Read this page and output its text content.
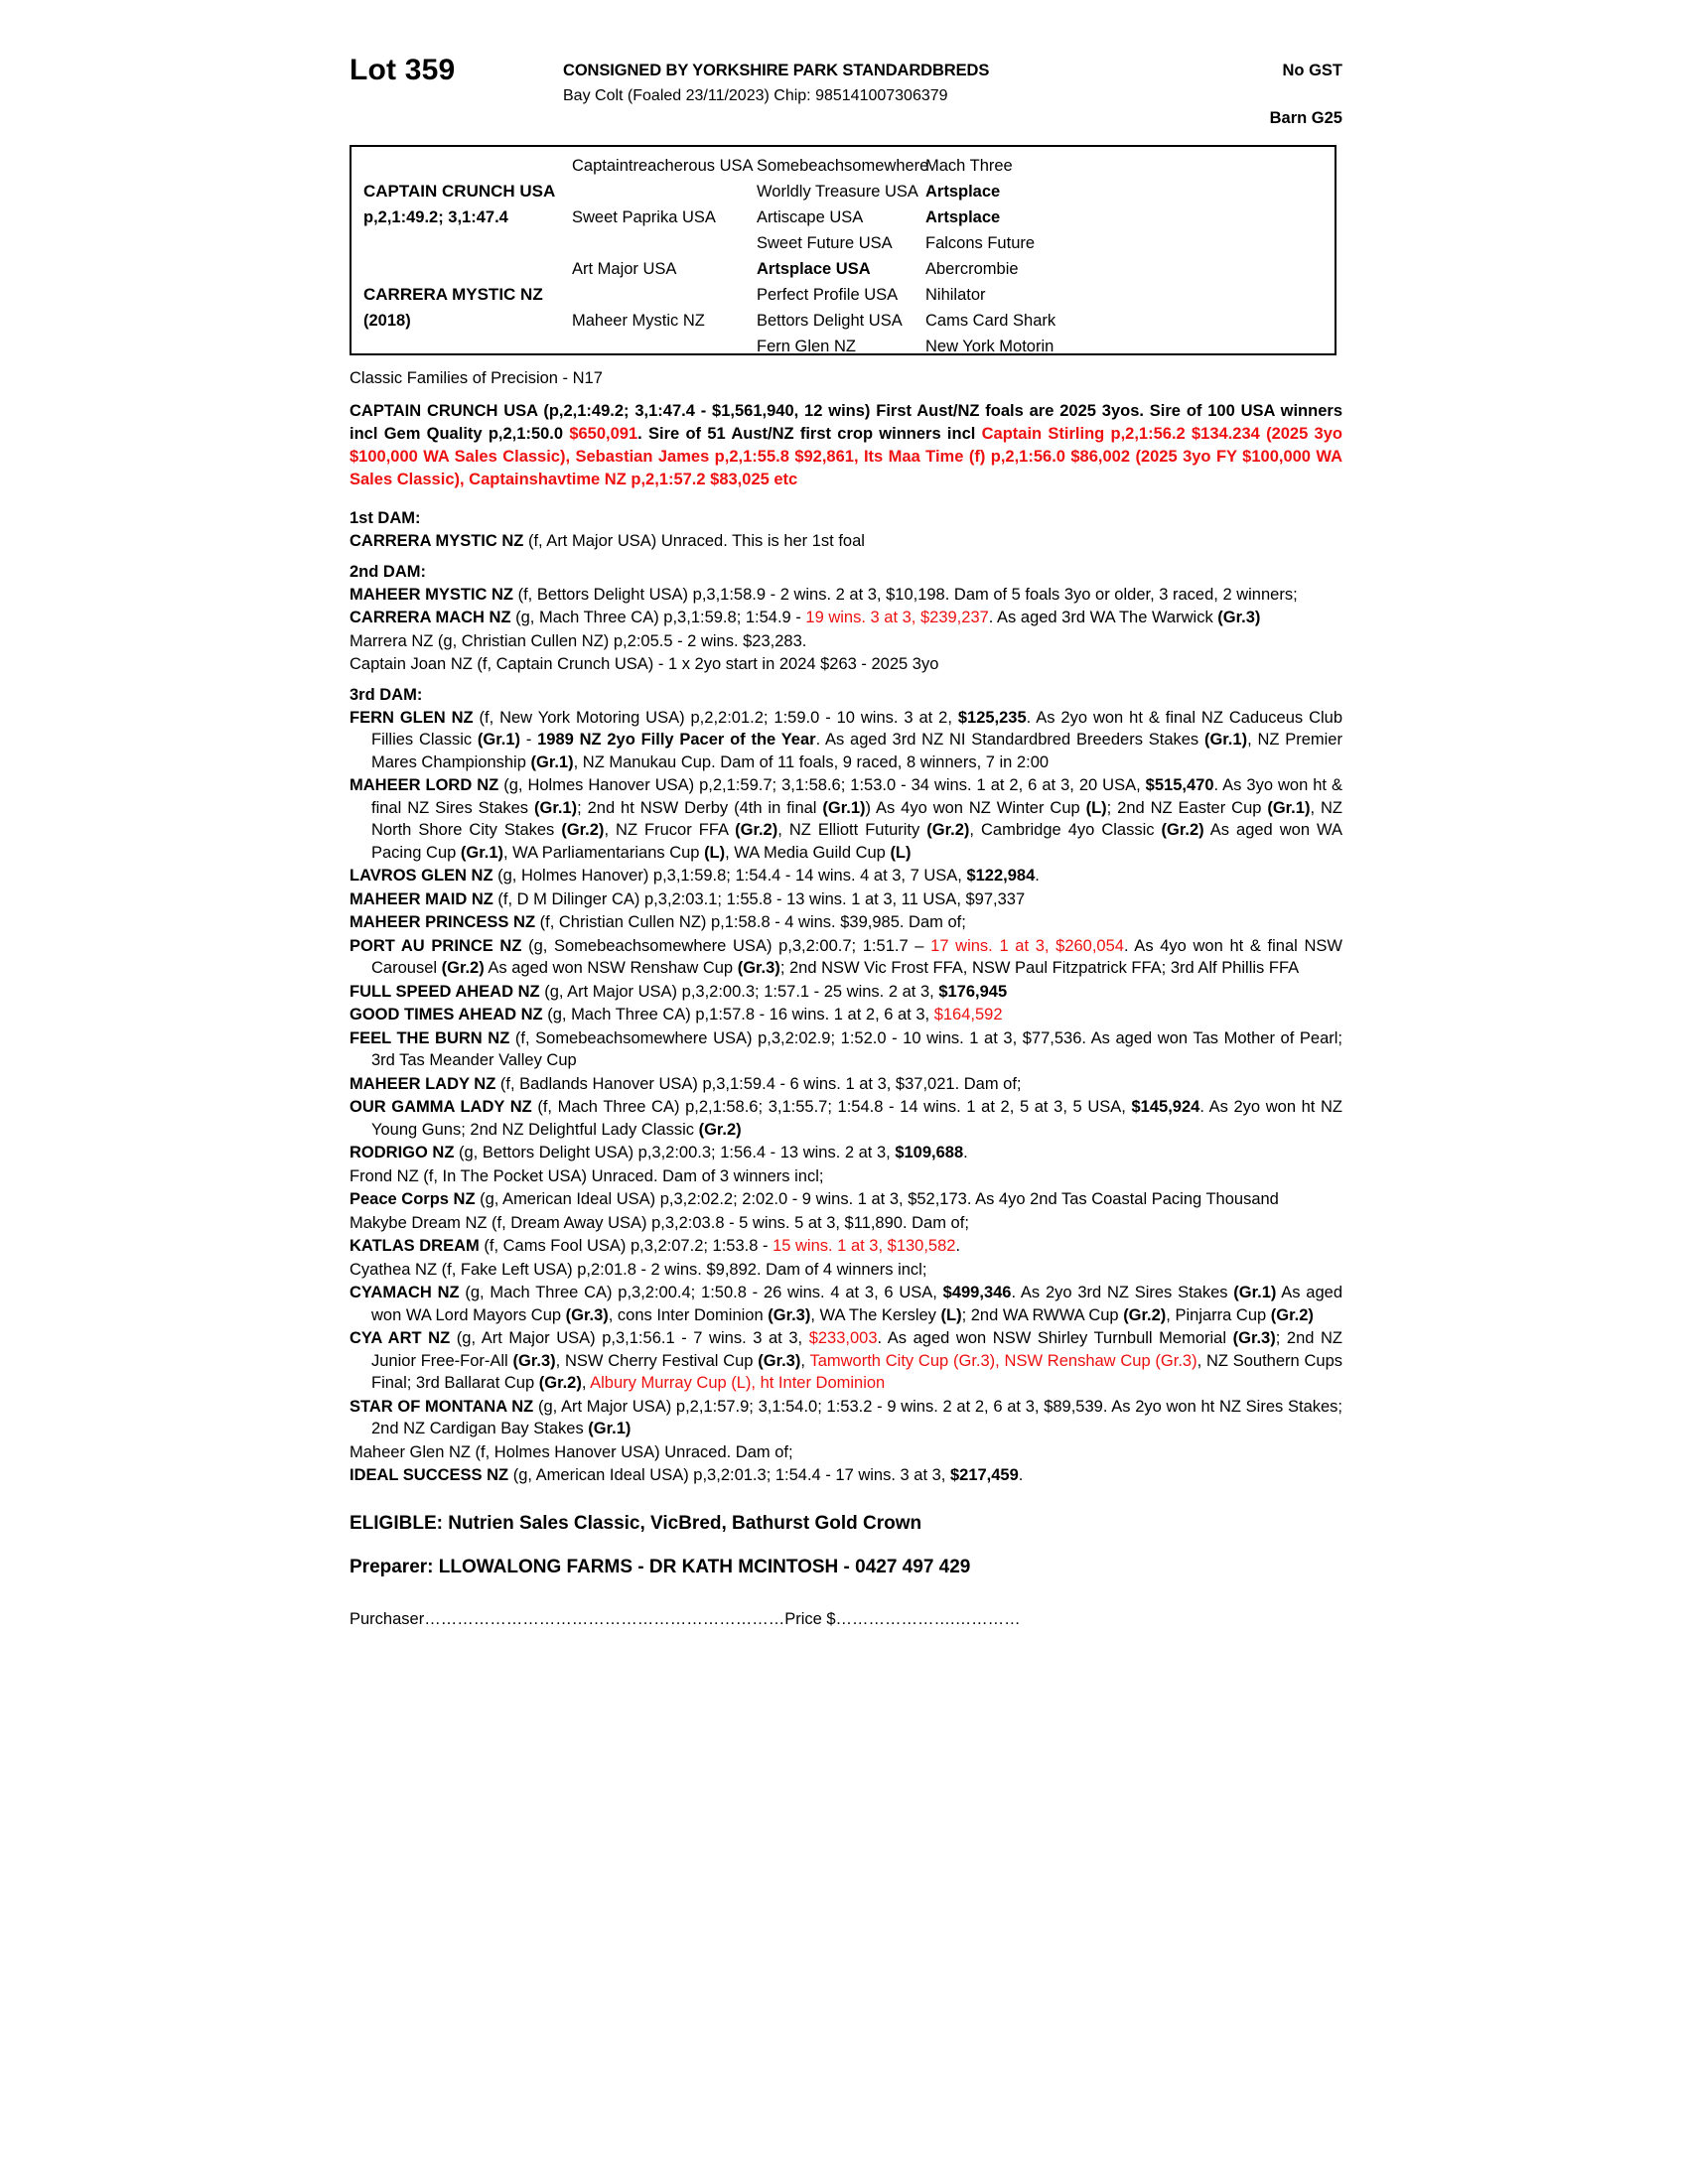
Lot 359	CONSIGNED BY YORKSHIRE PARK STANDARDBREDS	No GST
Bay Colt (Foaled 23/11/2023) Chip: 985141007306379
Barn G25
CAPTAIN CRUNCH USA
p,2,1:49.2; 3,1:47.4
CARRERA MYSTIC NZ
(2018)
Captaintreacherous USA
Sweet Paprika USA
Art Major USA
Maheer Mystic NZ
Somebeachsomewhere
Worldly Treasure USA
Artiscape USA
Sweet Future USA
Artsplace USA
Perfect Profile USA
Bettors Delight USA
Fern Glen NZ
Mach Three
Artsplace
Artsplace
Falcons Future
Abercrombie
Nihilator
Cams Card Shark
New York Motorin
Classic Families of Precision - N17
CAPTAIN CRUNCH USA (p,2,1:49.2; 3,1:47.4 - $1,561,940, 12 wins) First Aust/NZ foals are 2025 3yos. Sire of 100 USA winners incl Gem Quality p,2,1:50.0 $650,091. Sire of 51 Aust/NZ first crop winners incl Captain Stirling p,2,1:56.2 $134.234 (2025 3yo $100,000 WA Sales Classic), Sebastian James p,2,1:55.8 $92,861, Its Maa Time (f) p,2,1:56.0 $86,002 (2025 3yo FY $100,000 WA Sales Classic), Captainshavtime NZ p,2,1:57.2 $83,025 etc
1st DAM:

CARRERA MYSTIC NZ (f, Art Major USA) Unraced. This is her 1st foal

2nd DAM:

MAHEER MYSTIC NZ (f, Bettors Delight USA) p,3,1:58.9 - 2 wins. 2 at 3, $10,198. Dam of 5 foals 3yo or older, 3 raced, 2 winners;

CARRERA MACH NZ (g, Mach Three CA) p,3,1:59.8; 1:54.9 - 19 wins. 3 at 3, $239,237. As aged 3rd WA The Warwick (Gr.3)

Marrera NZ (g, Christian Cullen NZ) p,2:05.5 - 2 wins. $23,283.

Captain Joan NZ (f, Captain Crunch USA) - 1 x 2yo start in 2024 $263 - 2025 3yo

3rd DAM:

FERN GLEN NZ (f, New York Motoring USA) p,2,2:01.2; 1:59.0 - 10 wins. 3 at 2, $125,235. As 2yo won ht & final NZ Caduceus Club Fillies Classic (Gr.1) - 1989 NZ 2yo Filly Pacer of the Year. As aged 3rd NZ NI Standardbred Breeders Stakes (Gr.1), NZ Premier Mares Championship (Gr.1), NZ Manukau Cup. Dam of 11 foals, 9 raced, 8 winners, 7 in 2:00

MAHEER LORD NZ (g, Holmes Hanover USA) p,2,1:59.7; 3,1:58.6; 1:53.0 - 34 wins. 1 at 2, 6 at 3, 20 USA, $515,470. As 3yo won ht & final NZ Sires Stakes (Gr.1); 2nd ht NSW Derby (4th in final (Gr.1)) As 4yo won NZ Winter Cup (L); 2nd NZ Easter Cup (Gr.1), NZ North Shore City Stakes (Gr.2), NZ Frucor FFA (Gr.2), NZ Elliott Futurity (Gr.2), Cambridge 4yo Classic (Gr.2) As aged won WA Pacing Cup (Gr.1), WA Parliamentarians Cup (L), WA Media Guild Cup (L)

LAVROS GLEN NZ (g, Holmes Hanover) p,3,1:59.8; 1:54.4 - 14 wins. 4 at 3, 7 USA, $122,984.

MAHEER MAID NZ (f, D M Dilinger CA) p,3,2:03.1; 1:55.8 - 13 wins. 1 at 3, 11 USA, $97,337

MAHEER PRINCESS NZ (f, Christian Cullen NZ) p,1:58.8 - 4 wins. $39,985. Dam of;

PORT AU PRINCE NZ (g, Somebeachsomewhere USA) p,3,2:00.7; 1:51.7 – 17 wins. 1 at 3, $260,054. As 4yo won ht & final NSW Carousel (Gr.2) As aged won NSW Renshaw Cup (Gr.3); 2nd NSW Vic Frost FFA, NSW Paul Fitzpatrick FFA; 3rd Alf Phillis FFA

FULL SPEED AHEAD NZ (g, Art Major USA) p,3,2:00.3; 1:57.1 - 25 wins. 2 at 3, $176,945

GOOD TIMES AHEAD NZ (g, Mach Three CA) p,1:57.8 - 16 wins. 1 at 2, 6 at 3, $164,592

FEEL THE BURN NZ (f, Somebeachsomewhere USA) p,3,2:02.9; 1:52.0 - 10 wins. 1 at 3, $77,536. As aged won Tas Mother of Pearl; 3rd Tas Meander Valley Cup

MAHEER LADY NZ (f, Badlands Hanover USA) p,3,1:59.4 - 6 wins. 1 at 3, $37,021. Dam of;

OUR GAMMA LADY NZ (f, Mach Three CA) p,2,1:58.6; 3,1:55.7; 1:54.8 - 14 wins. 1 at 2, 5 at 3, 5 USA, $145,924. As 2yo won ht NZ Young Guns; 2nd NZ Delightful Lady Classic (Gr.2)

RODRIGO NZ (g, Bettors Delight USA) p,3,2:00.3; 1:56.4 - 13 wins. 2 at 3, $109,688.

Frond NZ (f, In The Pocket USA) Unraced. Dam of 3 winners incl;

Peace Corps NZ (g, American Ideal USA) p,3,2:02.2; 2:02.0 - 9 wins. 1 at 3, $52,173. As 4yo 2nd Tas Coastal Pacing Thousand

Makybe Dream NZ (f, Dream Away USA) p,3,2:03.8 - 5 wins. 5 at 3, $11,890. Dam of;

KATLAS DREAM (f, Cams Fool USA) p,3,2:07.2; 1:53.8 - 15 wins. 1 at 3, $130,582.

Cyathea NZ (f, Fake Left USA) p,2:01.8 - 2 wins. $9,892. Dam of 4 winners incl;

CYAMACH NZ (g, Mach Three CA) p,3,2:00.4; 1:50.8 - 26 wins. 4 at 3, 6 USA, $499,346. As 2yo 3rd NZ Sires Stakes (Gr.1) As aged won WA Lord Mayors Cup (Gr.3), cons Inter Dominion (Gr.3), WA The Kersley (L); 2nd WA RWWA Cup (Gr.2), Pinjarra Cup (Gr.2)

CYA ART NZ (g, Art Major USA) p,3,1:56.1 - 7 wins. 3 at 3, $233,003. As aged won NSW Shirley Turnbull Memorial (Gr.3); 2nd NZ Junior Free-For-All (Gr.3), NSW Cherry Festival Cup (Gr.3), Tamworth City Cup (Gr.3), NSW Renshaw Cup (Gr.3), NZ Southern Cups Final; 3rd Ballarat Cup (Gr.2), Albury Murray Cup (L), ht Inter Dominion

STAR OF MONTANA NZ (g, Art Major USA) p,2,1:57.9; 3,1:54.0; 1:53.2 - 9 wins. 2 at 2, 6 at 3, $89,539. As 2yo won ht NZ Sires Stakes; 2nd NZ Cardigan Bay Stakes (Gr.1)

Maheer Glen NZ (f, Holmes Hanover USA) Unraced. Dam of;

IDEAL SUCCESS NZ (g, American Ideal USA) p,3,2:01.3; 1:54.4 - 17 wins. 3 at 3, $217,459.

ELIGIBLE: Nutrien Sales Classic, VicBred, Bathurst Gold Crown
Preparer: LLOWALONG FARMS - DR KATH MCINTOSH - 0427 497 429
Purchaser…………………………………………………………Price $………………….…………
